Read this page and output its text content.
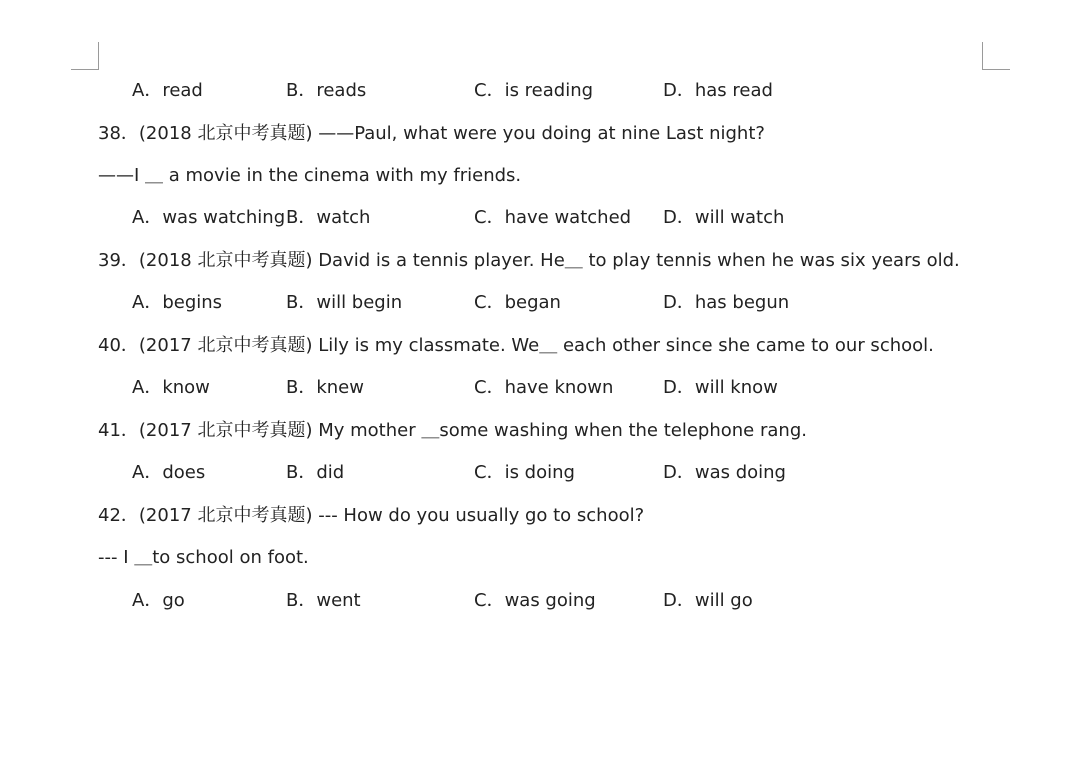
A．read	B．reads	C．is reading	D．has read
38．(2018 北京中考真题) ——Paul, what were you doing at nine Last night?
——I ＿ a movie in the cinema with my friends.
A．was watching B．watch	C．have watched D．will watch
39．(2018 北京中考真题) David is a tennis player. He＿ to play tennis when he was six years old.
A．begins	B．will begin	C．began	D．has begun
40．(2017 北京中考真题) Lily is my classmate. We＿ each other since she came to our school.
A．know	B．knew	C．have known	D．will know
41．(2017 北京中考真题) My mother ＿some washing when the telephone rang.
A．does	B．did	C．is doing	D．was doing
42．(2017 北京中考真题) --- How do you usually go to school?
--- I ＿to school on foot.
A．go	B．went	C．was going	D．will go
